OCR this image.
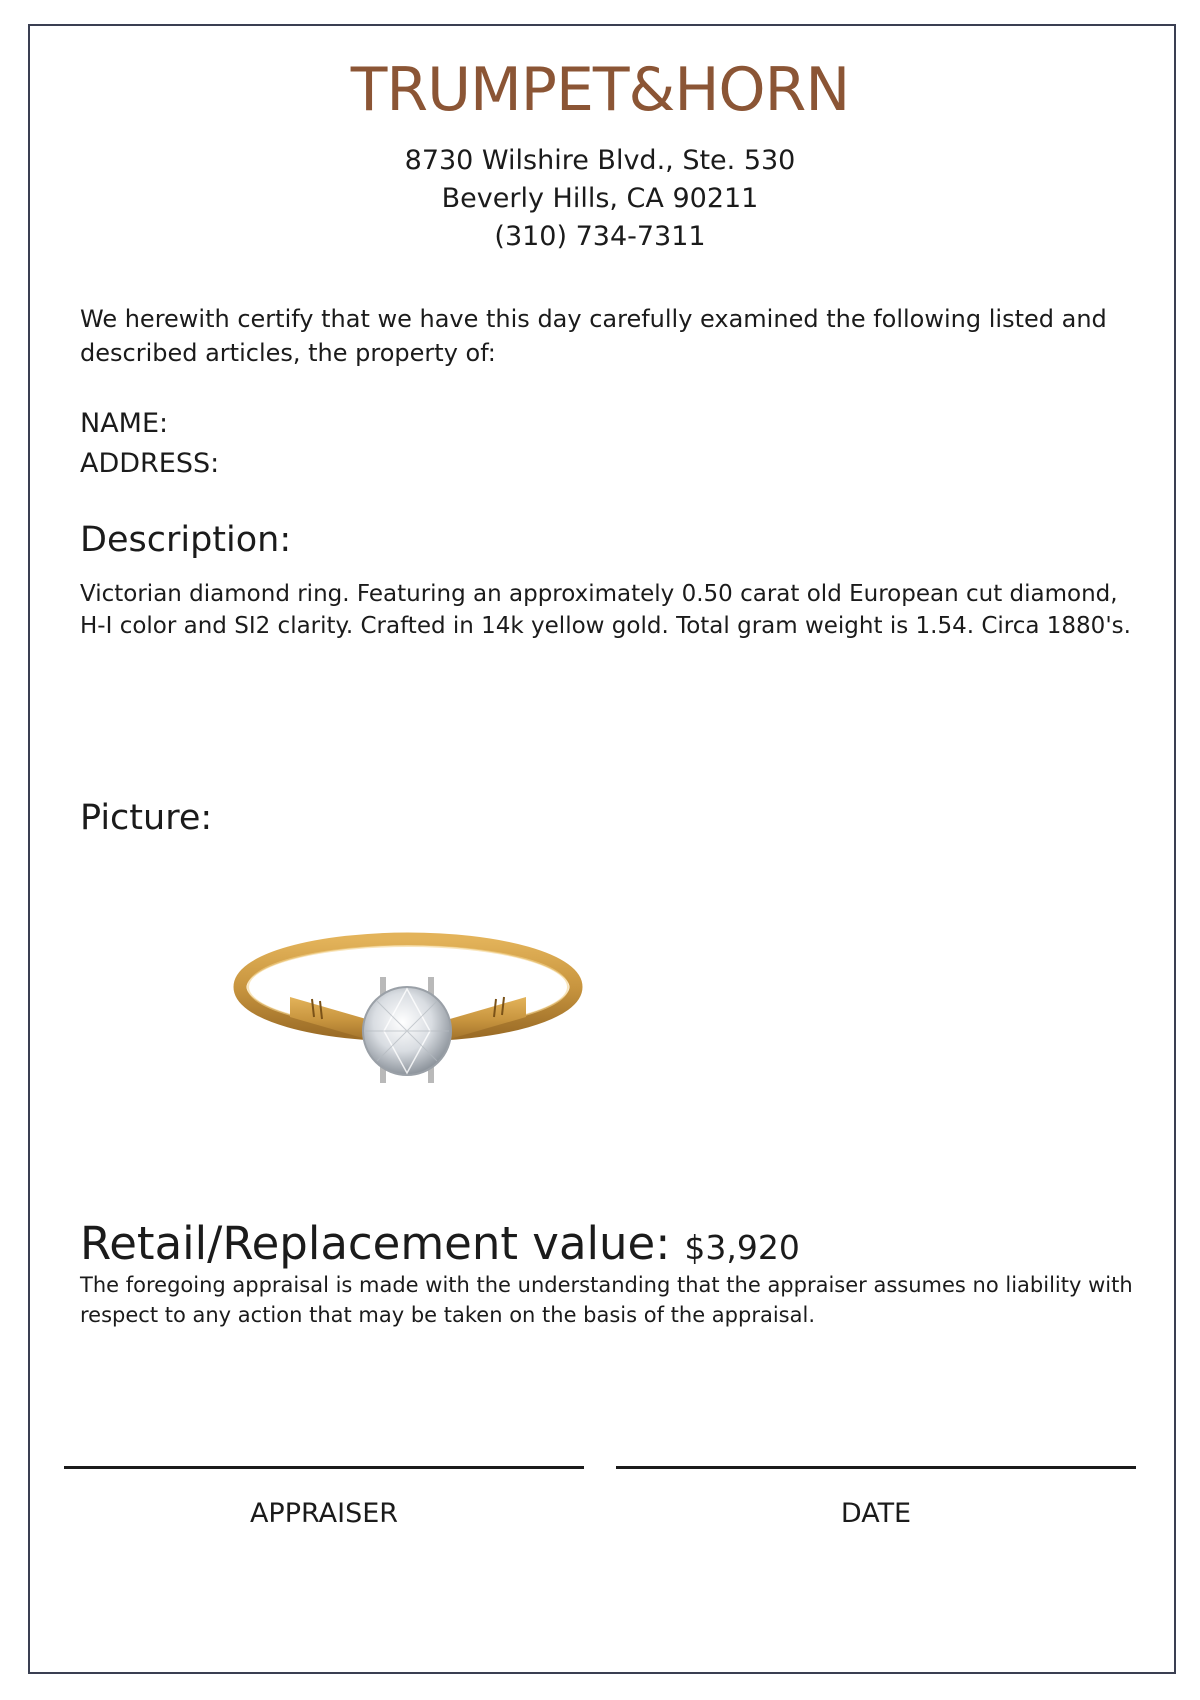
TRUMPET&HORN
8730 Wilshire Blvd., Ste. 530
Beverly Hills, CA 90211
(310) 734-7311
We herewith certify that we have this day carefully examined the following listed and described articles, the property of:
NAME:
ADDRESS:
Description:
Victorian diamond ring. Featuring an approximately 0.50 carat old European cut diamond, H-I color and SI2 clarity. Crafted in 14k yellow gold. Total gram weight is 1.54. Circa 1880's.
Picture:
Retail/Replacement value: $3,920
The foregoing appraisal is made with the understanding that the appraiser assumes no liability with respect to any action that may be taken on the basis of the appraisal.
APPRAISER	DATE
